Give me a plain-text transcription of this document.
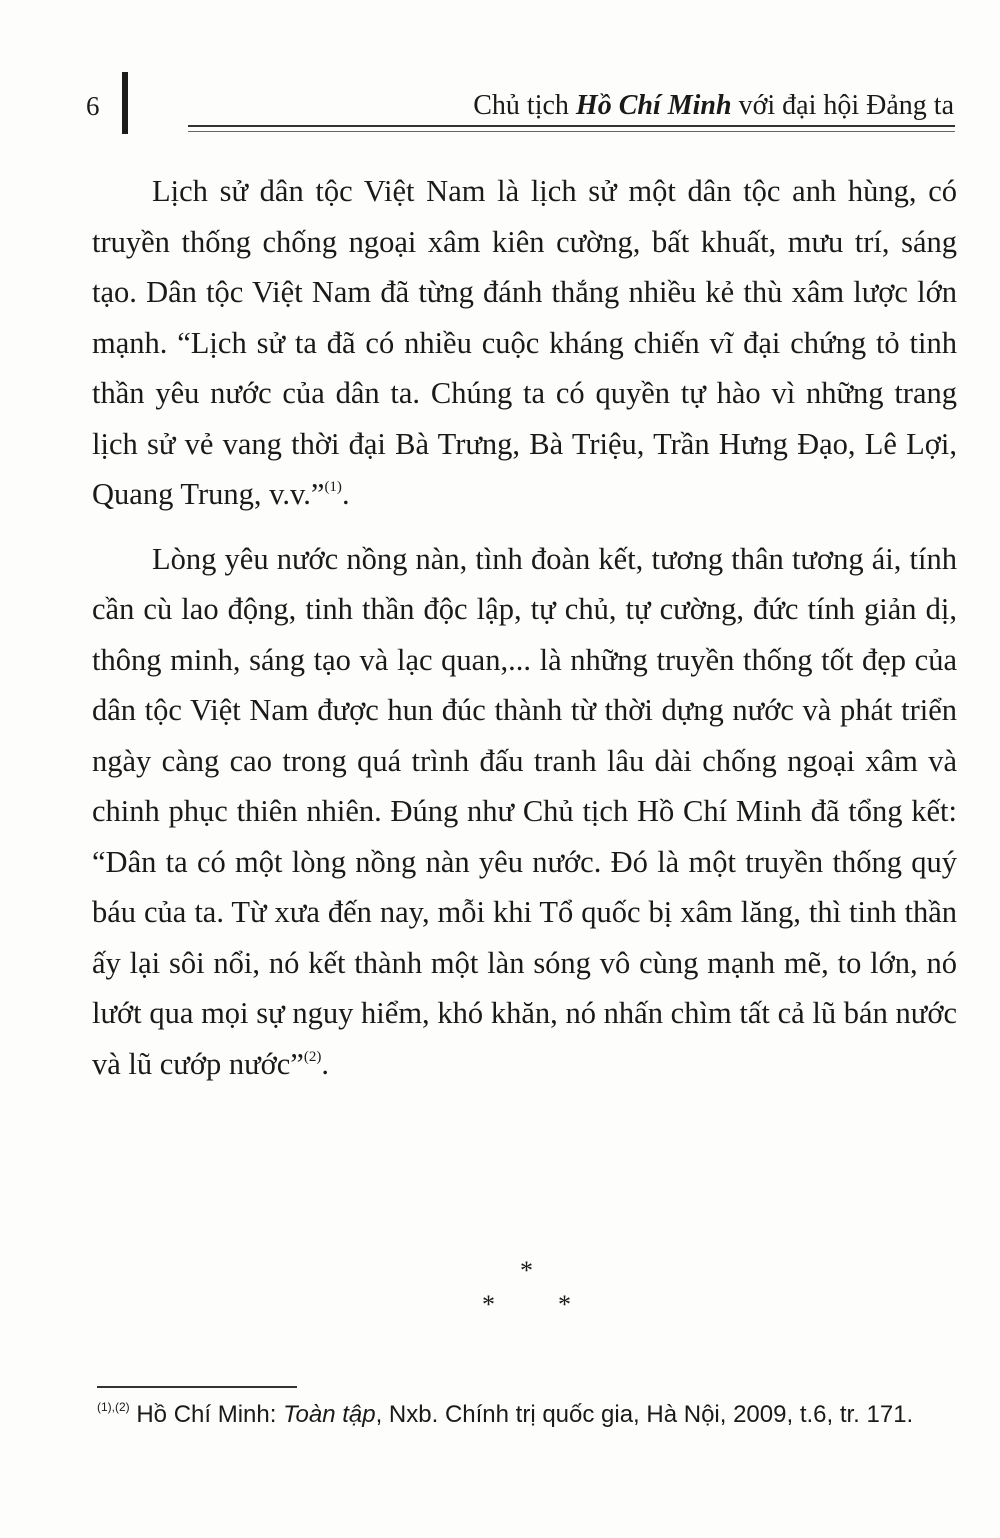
6	Chủ tịch Hồ Chí Minh với đại hội Đảng ta

Lịch sử dân tộc Việt Nam là lịch sử một dân tộc anh hùng, có truyền thống chống ngoại xâm kiên cường, bất khuất, mưu trí, sáng tạo. Dân tộc Việt Nam đã từng đánh thắng nhiều kẻ thù xâm lược lớn mạnh. “Lịch sử ta đã có nhiều cuộc kháng chiến vĩ đại chứng tỏ tinh thần yêu nước của dân ta. Chúng ta có quyền tự hào vì những trang lịch sử vẻ vang thời đại Bà Trưng, Bà Triệu, Trần Hưng Đạo, Lê Lợi, Quang Trung, v.v.”$^{(1)}$.

Lòng yêu nước nồng nàn, tình đoàn kết, tương thân tương ái, tính cần cù lao động, tinh thần độc lập, tự chủ, tự cường, đức tính giản dị, thông minh, sáng tạo và lạc quan,... là những truyền thống tốt đẹp của dân tộc Việt Nam được hun đúc thành từ thời dựng nước và phát triển ngày càng cao trong quá trình đấu tranh lâu dài chống ngoại xâm và chinh phục thiên nhiên. Đúng như Chủ tịch Hồ Chí Minh đã tổng kết: “Dân ta có một lòng nồng nàn yêu nước. Đó là một truyền thống quý báu của ta. Từ xưa đến nay, mỗi khi Tổ quốc bị xâm lăng, thì tinh thần ấy lại sôi nổi, nó kết thành một làn sóng vô cùng mạnh mẽ, to lớn, nó lướt qua mọi sự nguy hiểm, khó khăn, nó nhấn chìm tất cả lũ bán nước và lũ cướp nước”$^{(2)}$.

*
* *
$^{(1),(2)}$ Hồ Chí Minh: Toàn tập, Nxb. Chính trị quốc gia, Hà Nội, 2009, t.6, tr. 171.
